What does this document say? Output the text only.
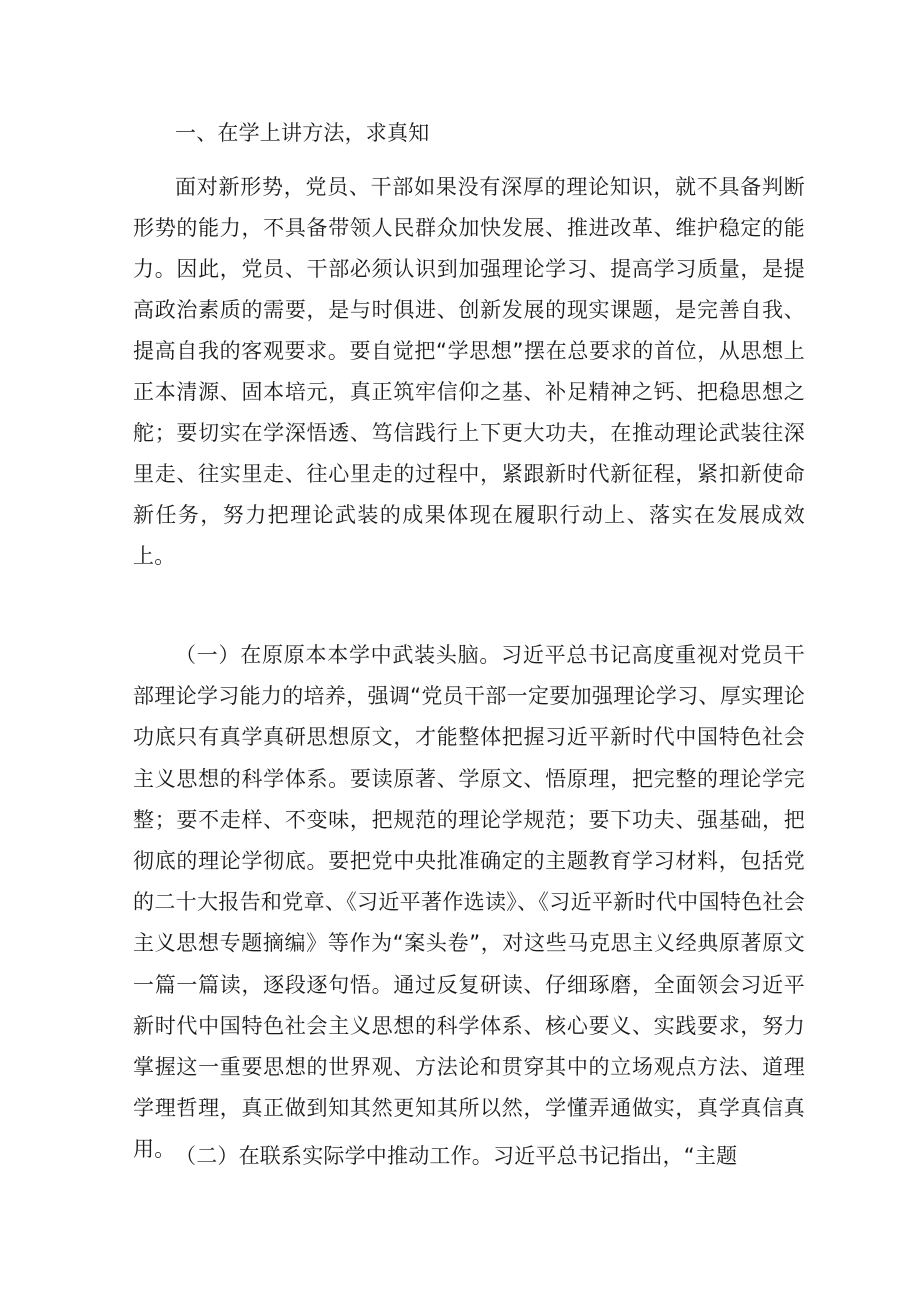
一、在学上讲方法，求真知

面对新形势，党员、干部如果没有深厚的理论知识，就不具备判断形势的能力，不具备带领人民群众加快发展、推进改革、维护稳定的能力。因此，党员、干部必须认识到加强理论学习、提高学习质量，是提高政治素质的需要，是与时俱进、创新发展的现实课题，是完善自我、提高自我的客观要求。要自觉把“学思想”摆在总要求的首位，从思想上正本清源、固本培元，真正筑牢信仰之基、补足精神之钙、把稳思想之舵；要切实在学深悟透、笃信践行上下更大功夫，在推动理论武装往深里走、往实里走、往心里走的过程中，紧跟新时代新征程，紧扣新使命新任务，努力把理论武装的成果体现在履职行动上、落实在发展成效上。

（一）在原原本本学中武装头脑。习近平总书记高度重视对党员干部理论学习能力的培养，强调“党员干部一定要加强理论学习、厚实理论功底只有真学真研思想原文，才能整体把握习近平新时代中国特色社会主义思想的科学体系。要读原著、学原文、悟原理，把完整的理论学完整；要不走样、不变味，把规范的理论学规范；要下功夫、强基础，把彻底的理论学彻底。要把党中央批准确定的主题教育学习材料，包括党的二十大报告和党章、《习近平著作选读》、《习近平新时代中国特色社会主义思想专题摘编》等作为“案头卷”，对这些马克思主义经典原著原文一篇一篇读，逐段逐句悟。通过反复研读、仔细琢磨，全面领会习近平新时代中国特色社会主义思想的科学体系、核心要义、实践要求，努力掌握这一重要思想的世界观、方法论和贯穿其中的立场观点方法、道理学理哲理，真正做到知其然更知其所以然，学懂弄通做实，真学真信真用。 （二）在联系实际学中推动工作。习近平总书记指出，“主题
